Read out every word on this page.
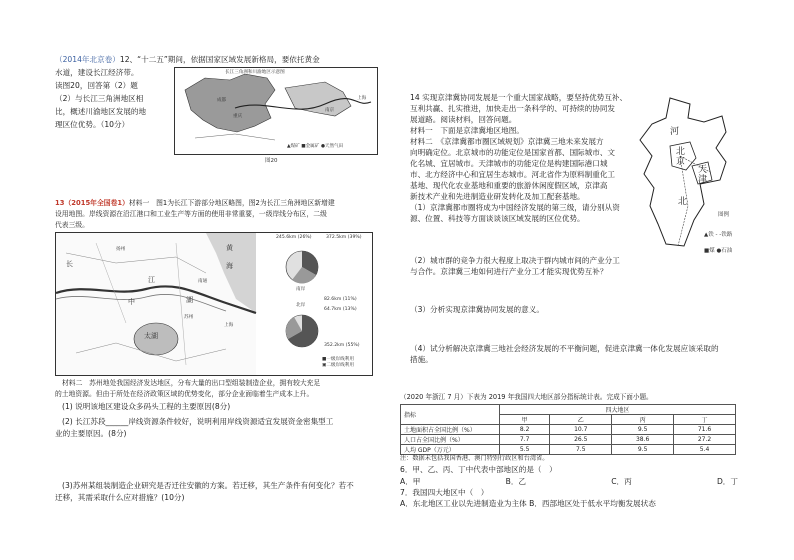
（2014年北京卷）12、“十二五”期间，依据国家区域发展新格局，要依托黄金
水道，建设长江经济带。
读图20，回答第（2）题
（2）与长江三角洲地区相
比，概述川渝地区发展的地
理区位优势。（10分）
长江三角洲和川渝地区示意图
成都
重庆
上海
南京
▲煤矿 ■金属矿 ●天然气田
图20
13（2015年全国卷1）材料一　图1为长江下游部分地区略图，图2为长江三角洲地区新增建
设用地图。岸线资源在沿江港口和工业生产等方面的使用非常重要，一级岸线分布区，二级
代表三级。
长
江
黄
海
扬州
南通
苏州
太湖
上海
湖
中
245.6km (26%)	372.5km (39%)
南岸
北岸
82.6km (11%)
64.7km (13%)
352.2km (55%)
■一级岸线利用
▣二级岸线利用
材料二　苏州地处我国经济发达地区，分布大量的出口型组装制造企业，拥有较大充足
的土地资源。但由于所处在经济政策区域的优势变化，部分企业面临着生产成本上升。
(1) 说明该地区建设众多码头工程的主要原因(8分)
(2) 长江苏段______岸线资源条件较好，说明利用岸线资源适宜发展资金密集型工
业的主要原因。(8分)
(3)苏州某组装制造企业研究是否迁往安徽的方案。若迁移，其生产条件有何变化？若不
迁移，其需采取什么应对措施？(10分)
14 实现京津冀协同发展是一个重大国家战略，要坚持优势互补、
互利共赢、扎实推进，加快走出一条科学的、可持续的协同发
展道路。阅读材料，回答问题。
材料一　下面是京津冀地区地图。
材料二　《京津冀都市圈区域规划》京津冀三地未来发展方
向明确定位。北京城市的功能定位是国家首都、国际城市、文
化名城、宜居城市。天津城市的功能定位是构建国际港口城
市、北方经济中心和宜居生态城市。河北省作为原料制重化工
基地、现代化农业基地和重要的旅游休闲度假区域，京津高
新技术产业和先进制造业研发转化及加工配套基地。
（1）京津冀都市圈将成为中国经济发展的第三级，请分别从资
源、位置、科技等方面谈谈该区域发展的区位优势。
（2）城市群的竞争力很大程度上取决于群内城市间的产业分工
与合作。京津冀三地如何进行产业分工才能实现优势互补？
（3）分析实现京津冀协同发展的意义。
（4）试分析解决京津冀三地社会经济发展的不平衡问题，促进京津冀一体化发展应该采取的
措施。
河
北
京
天
津
北
图例
▲铁 - -铁路
■煤 ●石油
（2020 年浙江 7 月）下表为 2019 年我国四大地区部分指标统计表。完成下面小题。
指标	四大地区			
	甲	乙	丙	丁
土地面积占全国比例（%）	8.2	10.7	9.5	71.6
人口占全国比例（%）	7.7	26.5	38.6	27.2
人均 GDP（万元）	5.5	7.5	9.5	5.4
注：数据未包括我国香港、澳门特别行政区和台湾省。
6．甲、乙、丙、丁中代表中部地区的是（　）
A．甲	B．乙	C．丙	D．丁
7．我国四大地区中（　）
A．东北地区工业以先进制造业为主体 B．西部地区处于低水平均衡发展状态
